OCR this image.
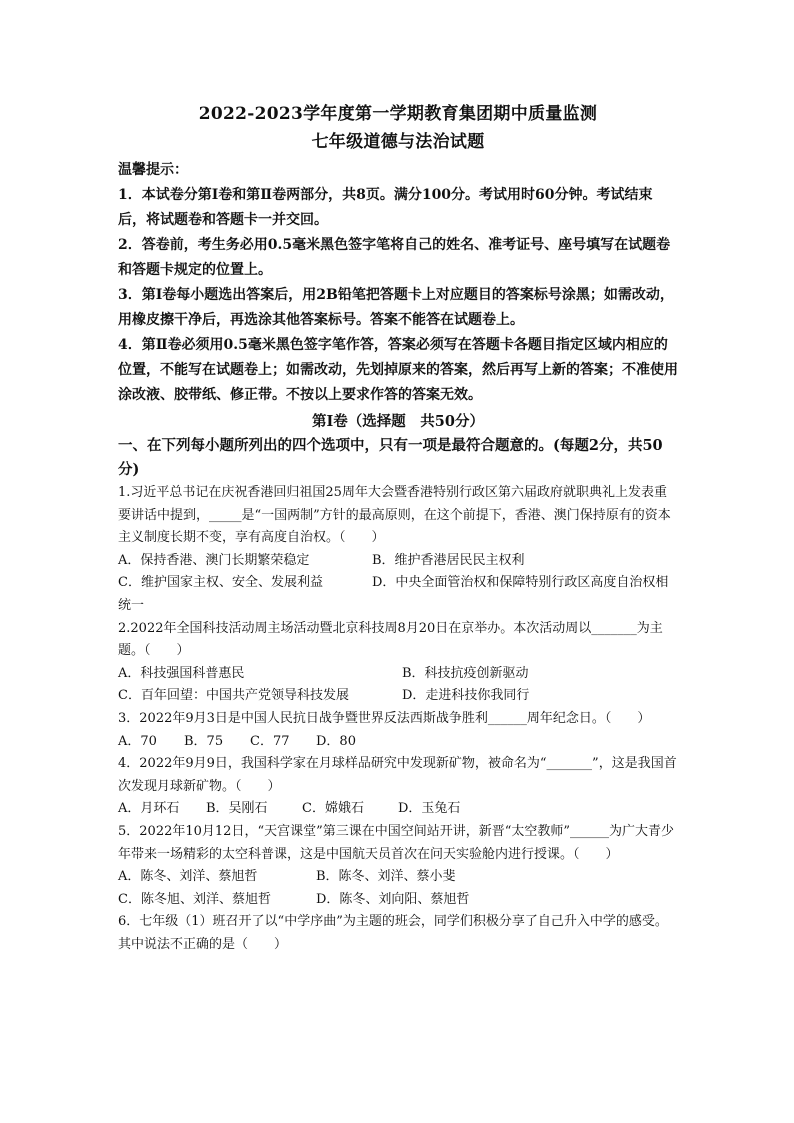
2022-2023学年度第一学期教育集团期中质量监测
七年级道德与法治试题

温馨提示：

1．本试卷分第Ⅰ卷和第Ⅱ卷两部分，共8页。满分100分。考试用时60分钟。考试结束后，将试题卷和答题卡一并交回。

2．答卷前，考生务必用0.5毫米黑色签字笔将自己的姓名、准考证号、座号填写在试题卷和答题卡规定的位置上。

3．第Ⅰ卷每小题选出答案后，用2B铅笔把答题卡上对应题目的答案标号涂黑；如需改动，用橡皮擦干净后，再选涂其他答案标号。答案不能答在试题卷上。

4．第Ⅱ卷必须用0.5毫米黑色签字笔作答，答案必须写在答题卡各题目指定区域内相应的位置，不能写在试题卷上；如需改动，先划掉原来的答案，然后再写上新的答案；不准使用涂改液、胶带纸、修正带。不按以上要求作答的答案无效。

第Ⅰ卷（选择题　共50分）
一、在下列每小题所列出的四个选项中，只有一项是最符合题意的。(每题2分，共50分)

1.习近平总书记在庆祝香港回归祖国25周年大会暨香港特别行政区第六届政府就职典礼上发表重要讲话中提到，_____是“一国两制”方针的最高原则，在这个前提下，香港、澳门保持原有的资本主义制度长期不变，享有高度自治权。（　　）

A．保持香港、澳门长期繁荣稳定	B．维护香港居民民主权利
C．维护国家主权、安全、发展利益	D．中央全面管治权和保障特别行政区高度自治权相统一

2.2022年全国科技活动周主场活动暨北京科技周8月20日在京举办。本次活动周以_______为主题。（　　）

A．科技强国科普惠民	B．科技抗疫创新驱动
C．百年回望：中国共产党领导科技发展	D．走进科技你我同行

3．2022年9月3日是中国人民抗日战争暨世界反法西斯战争胜利______周年纪念日。（　　）

A．70	B．75	C．77	D．80

4．2022年9月9日，我国科学家在月球样品研究中发现新矿物，被命名为“_______”，这是我国首次发现月球新矿物。（　　）

A．月环石	B．吴刚石	C．嫦娥石	D．玉兔石

5．2022年10月12日，“天宫课堂”第三课在中国空间站开讲，新晋“太空教师”______为广大青少年带来一场精彩的太空科普课，这是中国航天员首次在问天实验舱内进行授课。（　　）

A．陈冬、刘洋、蔡旭哲	B．陈冬、刘洋、蔡小斐
C．陈冬旭、刘洋、蔡旭哲	D．陈冬、刘向阳、蔡旭哲

6．七年级（1）班召开了以“中学序曲”为主题的班会，同学们积极分享了自己升入中学的感受。其中说法不正确的是（　　）
